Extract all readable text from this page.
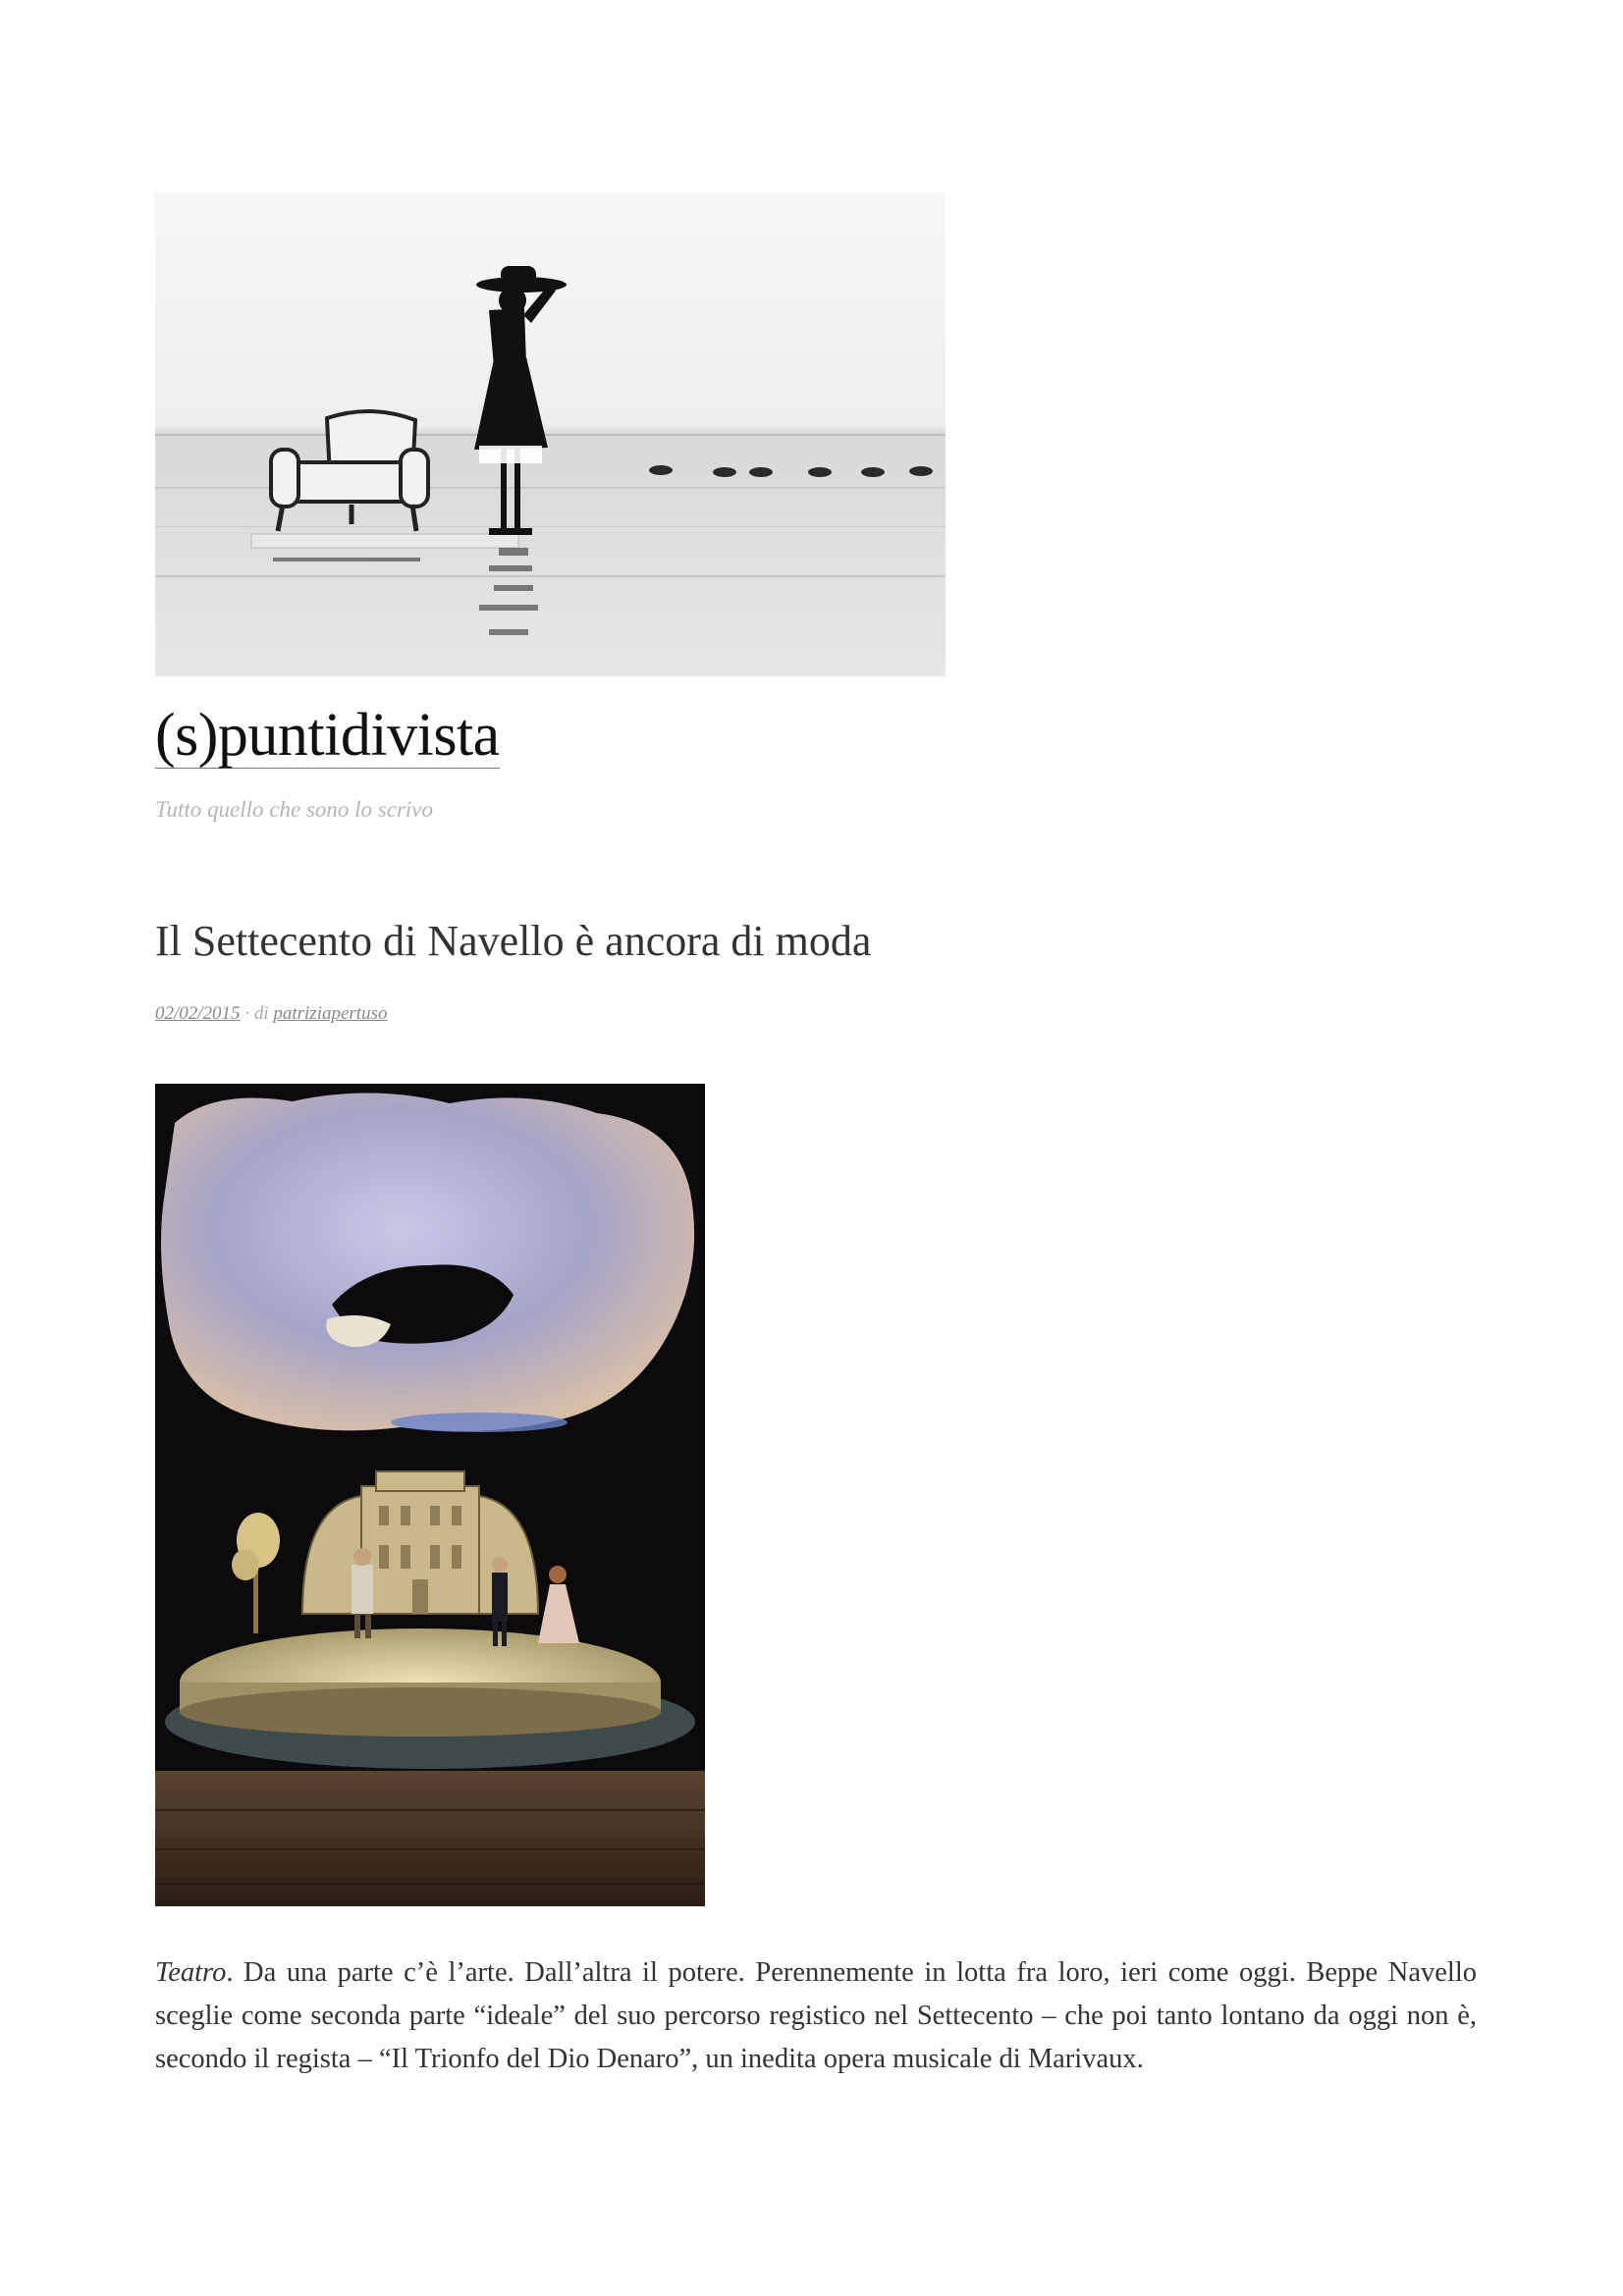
(s)puntidivista
Tutto quello che sono lo scrivo
Il Settecento di Navello è ancora di moda
02/02/2015 · di patriziapertuso

Teatro. Da una parte c’è l’arte. Dall’altra il potere. Perennemente in lotta fra loro, ieri come oggi. Beppe Navello sceglie come seconda parte “ideale” del suo percorso registico nel Settecento – che poi tanto lontano da oggi non è, secondo il regista – “Il Trionfo del Dio Denaro”, un inedita opera musicale di Marivaux.
